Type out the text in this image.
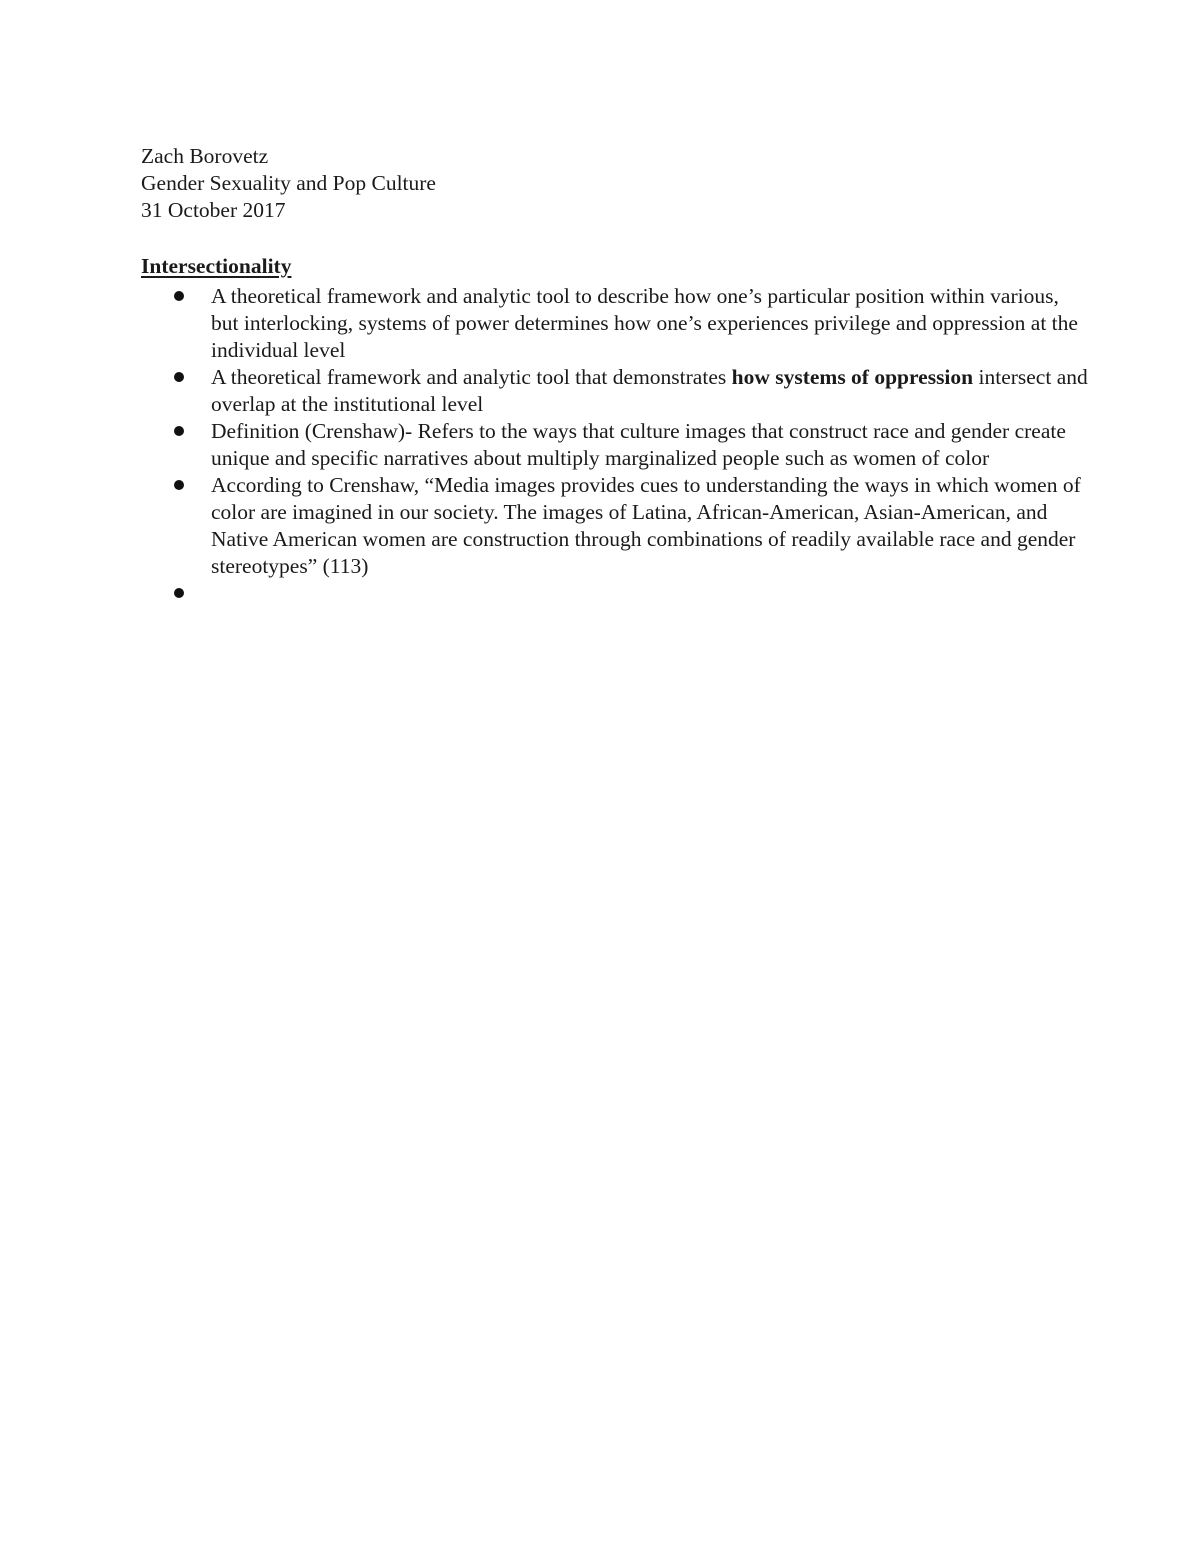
Zach Borovetz
Gender Sexuality and Pop Culture
31 October 2017
Intersectionality
A theoretical framework and analytic tool to describe how one’s particular position within various, but interlocking, systems of power determines how one’s experiences privilege and oppression at the individual level
A theoretical framework and analytic tool that demonstrates how systems of oppression intersect and overlap at the institutional level
Definition (Crenshaw)- Refers to the ways that culture images that construct race and gender create unique and specific narratives about multiply marginalized people such as women of color
According to Crenshaw, “Media images provides cues to understanding the ways in which women of color are imagined in our society. The images of Latina, African-American, Asian-American, and Native American women are construction through combinations of readily available race and gender stereotypes” (113)
